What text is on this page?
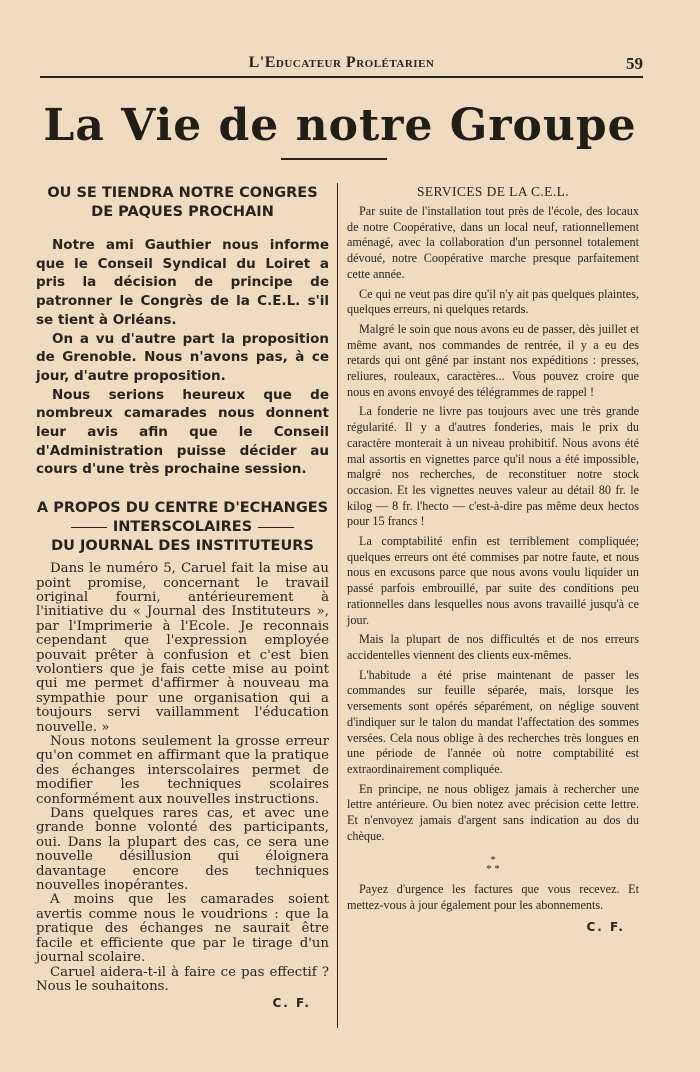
L'Educateur Prolétarien	59
La Vie de notre Groupe

OU SE TIENDRA NOTRE CONGRES

DE PAQUES PROCHAIN

Notre ami Gauthier nous informe que le Conseil Syndical du Loiret a pris la décision de principe de patronner le Congrès de la C.E.L. s'il se tient à Orléans.

On a vu d'autre part la proposition de Grenoble. Nous n'avons pas, à ce jour, d'autre proposition.

Nous serions heureux que de nombreux camarades nous donnent leur avis afin que le Conseil d'Administration puisse décider au cours d'une très prochaine session.

A PROPOS DU CENTRE D'ECHANGES

INTERSCOLAIRES

DU JOURNAL DES INSTITUTEURS

Dans le numéro 5, Caruel fait la mise au point promise, concernant le travail original fourni, antérieurement à l'initiative du « Journal des Instituteurs », par l'Imprimerie à l'Ecole. Je reconnais cependant que l'expression employée pouvait prêter à confusion et c'est bien volontiers que je fais cette mise au point qui me permet d'affirmer à nouveau ma sympathie pour une organisation qui a toujours servi vaillamment l'éducation nouvelle. »

Nous notons seulement la grosse erreur qu'on commet en affirmant que la pratique des échanges interscolaires permet de modifier les techniques scolaires conformément aux nouvelles instructions.

Dans quelques rares cas, et avec une grande bonne volonté des participants, oui. Dans la plupart des cas, ce sera une nouvelle désillusion qui éloignera davantage encore des techniques nouvelles inopérantes.

A moins que les camarades soient avertis comme nous le voudrions : que la pratique des échanges ne saurait être facile et efficiente que par le tirage d'un journal scolaire.

Caruel aidera-t-il à faire ce pas effectif ? Nous le souhaitons.

C. F.

SERVICES DE LA C.E.L.

Par suite de l'installation tout près de l'école, des locaux de notre Coopérative, dans un local neuf, rationnellement aménagé, avec la collaboration d'un personnel totalement dévoué, notre Coopérative marche presque parfaitement cette année.

Ce qui ne veut pas dire qu'il n'y ait pas quelques plaintes, quelques erreurs, ni quelques retards.

Malgré le soin que nous avons eu de passer, dès juillet et même avant, nos commandes de rentrée, il y a eu des retards qui ont gêné par instant nos expéditions : presses, reliures, rouleaux, caractères... Vous pouvez croire que nous en avons envoyé des télégrammes de rappel !

La fonderie ne livre pas toujours avec une très grande régularité. Il y a d'autres fonderies, mais le prix du caractère monterait à un niveau prohibitif. Nous avons été mal assortis en vignettes parce qu'il nous a été impossible, malgré nos recherches, de reconstituer notre stock occasion. Et les vignettes neuves valeur au détail 80 fr. le kilog — 8 fr. l'hecto — c'est-à-dire pas même deux hectos pour 15 francs !

La comptabilité enfin est terriblement compliquée; quelques erreurs ont été commises par notre faute, et nous nous en excusons parce que nous avons voulu liquider un passé parfois embrouillé, par suite des conditions peu rationnelles dans lesquelles nous avons travaillé jusqu'à ce jour.

Mais la plupart de nos difficultés et de nos erreurs accidentelles viennent des clients eux-mêmes.

L'habitude a été prise maintenant de passer les commandes sur feuille séparée, mais, lorsque les versements sont opérés séparément, on néglige souvent d'indiquer sur le talon du mandat l'affectation des sommes versées. Cela nous oblige à des recherches très longues en une période de l'année où notre comptabilité est extraordinairement compliquée.

En principe, ne nous obligez jamais à rechercher une lettre antérieure. Ou bien notez avec précision cette lettre. Et n'envoyez jamais d'argent sans indication au dos du chèque.

*
* *

Payez d'urgence les factures que vous recevez. Et mettez-vous à jour également pour les abonnements.

C. F.
